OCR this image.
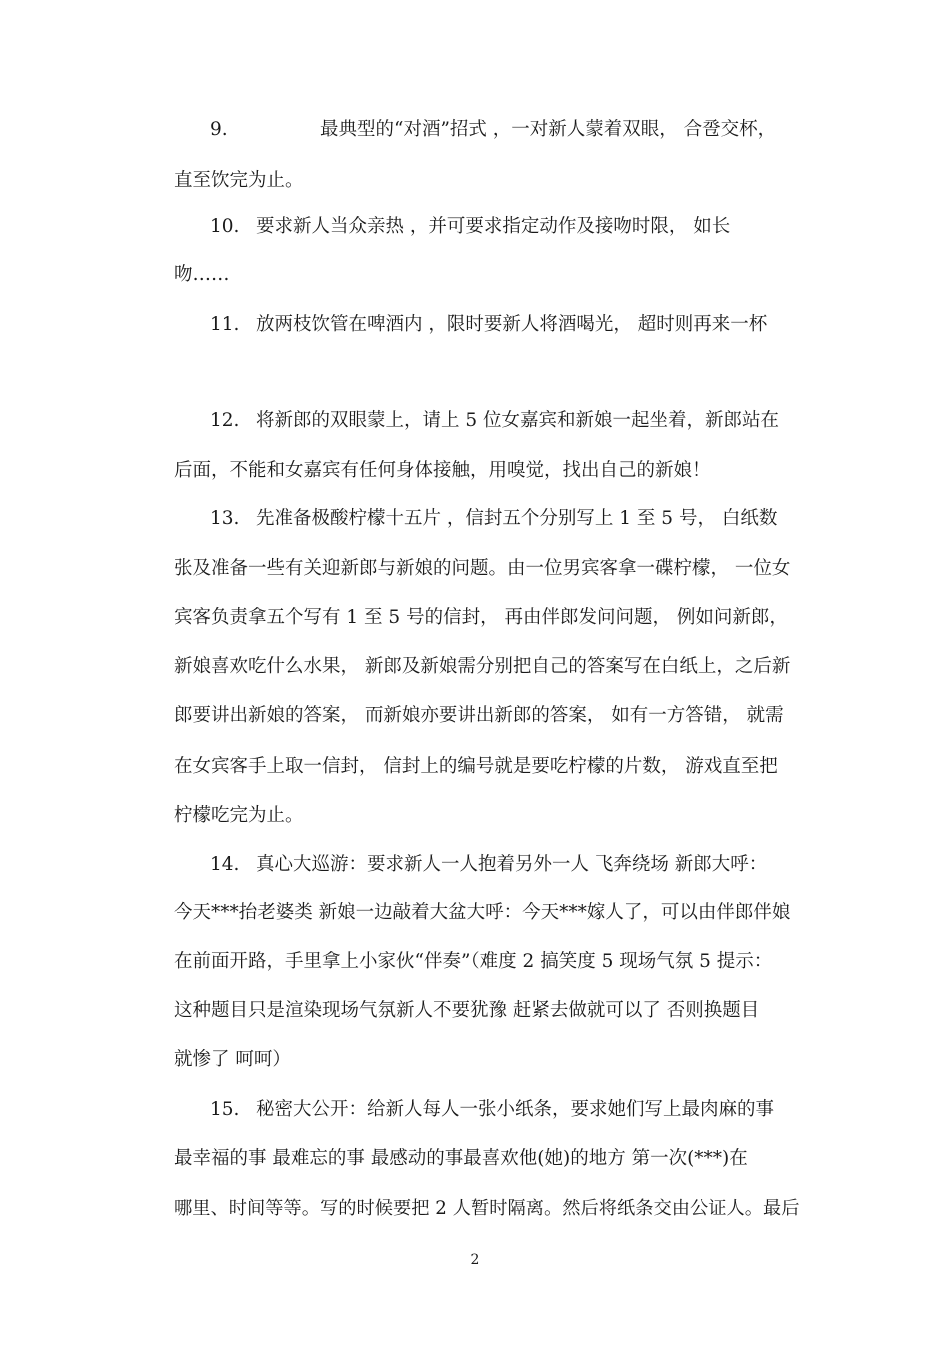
9.	最典型的“对酒”招式 ，一对新人蒙着双眼， 合卺交杯，
直至饮完为止。
10. 要求新人当众亲热 ，并可要求指定动作及接吻时限， 如长
吻……
11. 放两枝饮管在啤酒内 ，限时要新人将酒喝光， 超时则再来一杯
12. 将新郎的双眼蒙上，请上 5 位女嘉宾和新娘一起坐着，新郎站在
后面，不能和女嘉宾有任何身体接触，用嗅觉，找出自己的新娘！
13. 先准备极酸柠檬十五片 ，信封五个分别写上 1 至 5 号， 白纸数
张及准备一些有关迎新郎与新娘的问题。由一位男宾客拿一碟柠檬， 一位女
宾客负责拿五个写有 1 至 5 号的信封， 再由伴郎发问问题， 例如问新郎，
新娘喜欢吃什么水果， 新郎及新娘需分别把自己的答案写在白纸上，之后新
郎要讲出新娘的答案， 而新娘亦要讲出新郎的答案， 如有一方答错， 就需
在女宾客手上取一信封， 信封上的编号就是要吃柠檬的片数， 游戏直至把
柠檬吃完为止。
14. 真心大巡游：要求新人一人抱着另外一人 飞奔绕场 新郎大呼：
今天***抬老婆类 新娘一边敲着大盆大呼：今天***嫁人了，可以由伴郎伴娘
在前面开路，手里拿上小家伙“伴奏”（难度 2 搞笑度 5 现场气氛 5 提示：
这种题目只是渲染现场气氛新人不要犹豫 赶紧去做就可以了 否则换题目
就惨了 呵呵）
15. 秘密大公开：给新人每人一张小纸条，要求她们写上最肉麻的事
最幸福的事 最难忘的事 最感动的事最喜欢他(她)的地方 第一次(***)在
哪里、时间等等。写的时候要把 2 人暂时隔离。然后将纸条交由公证人。最后
2
